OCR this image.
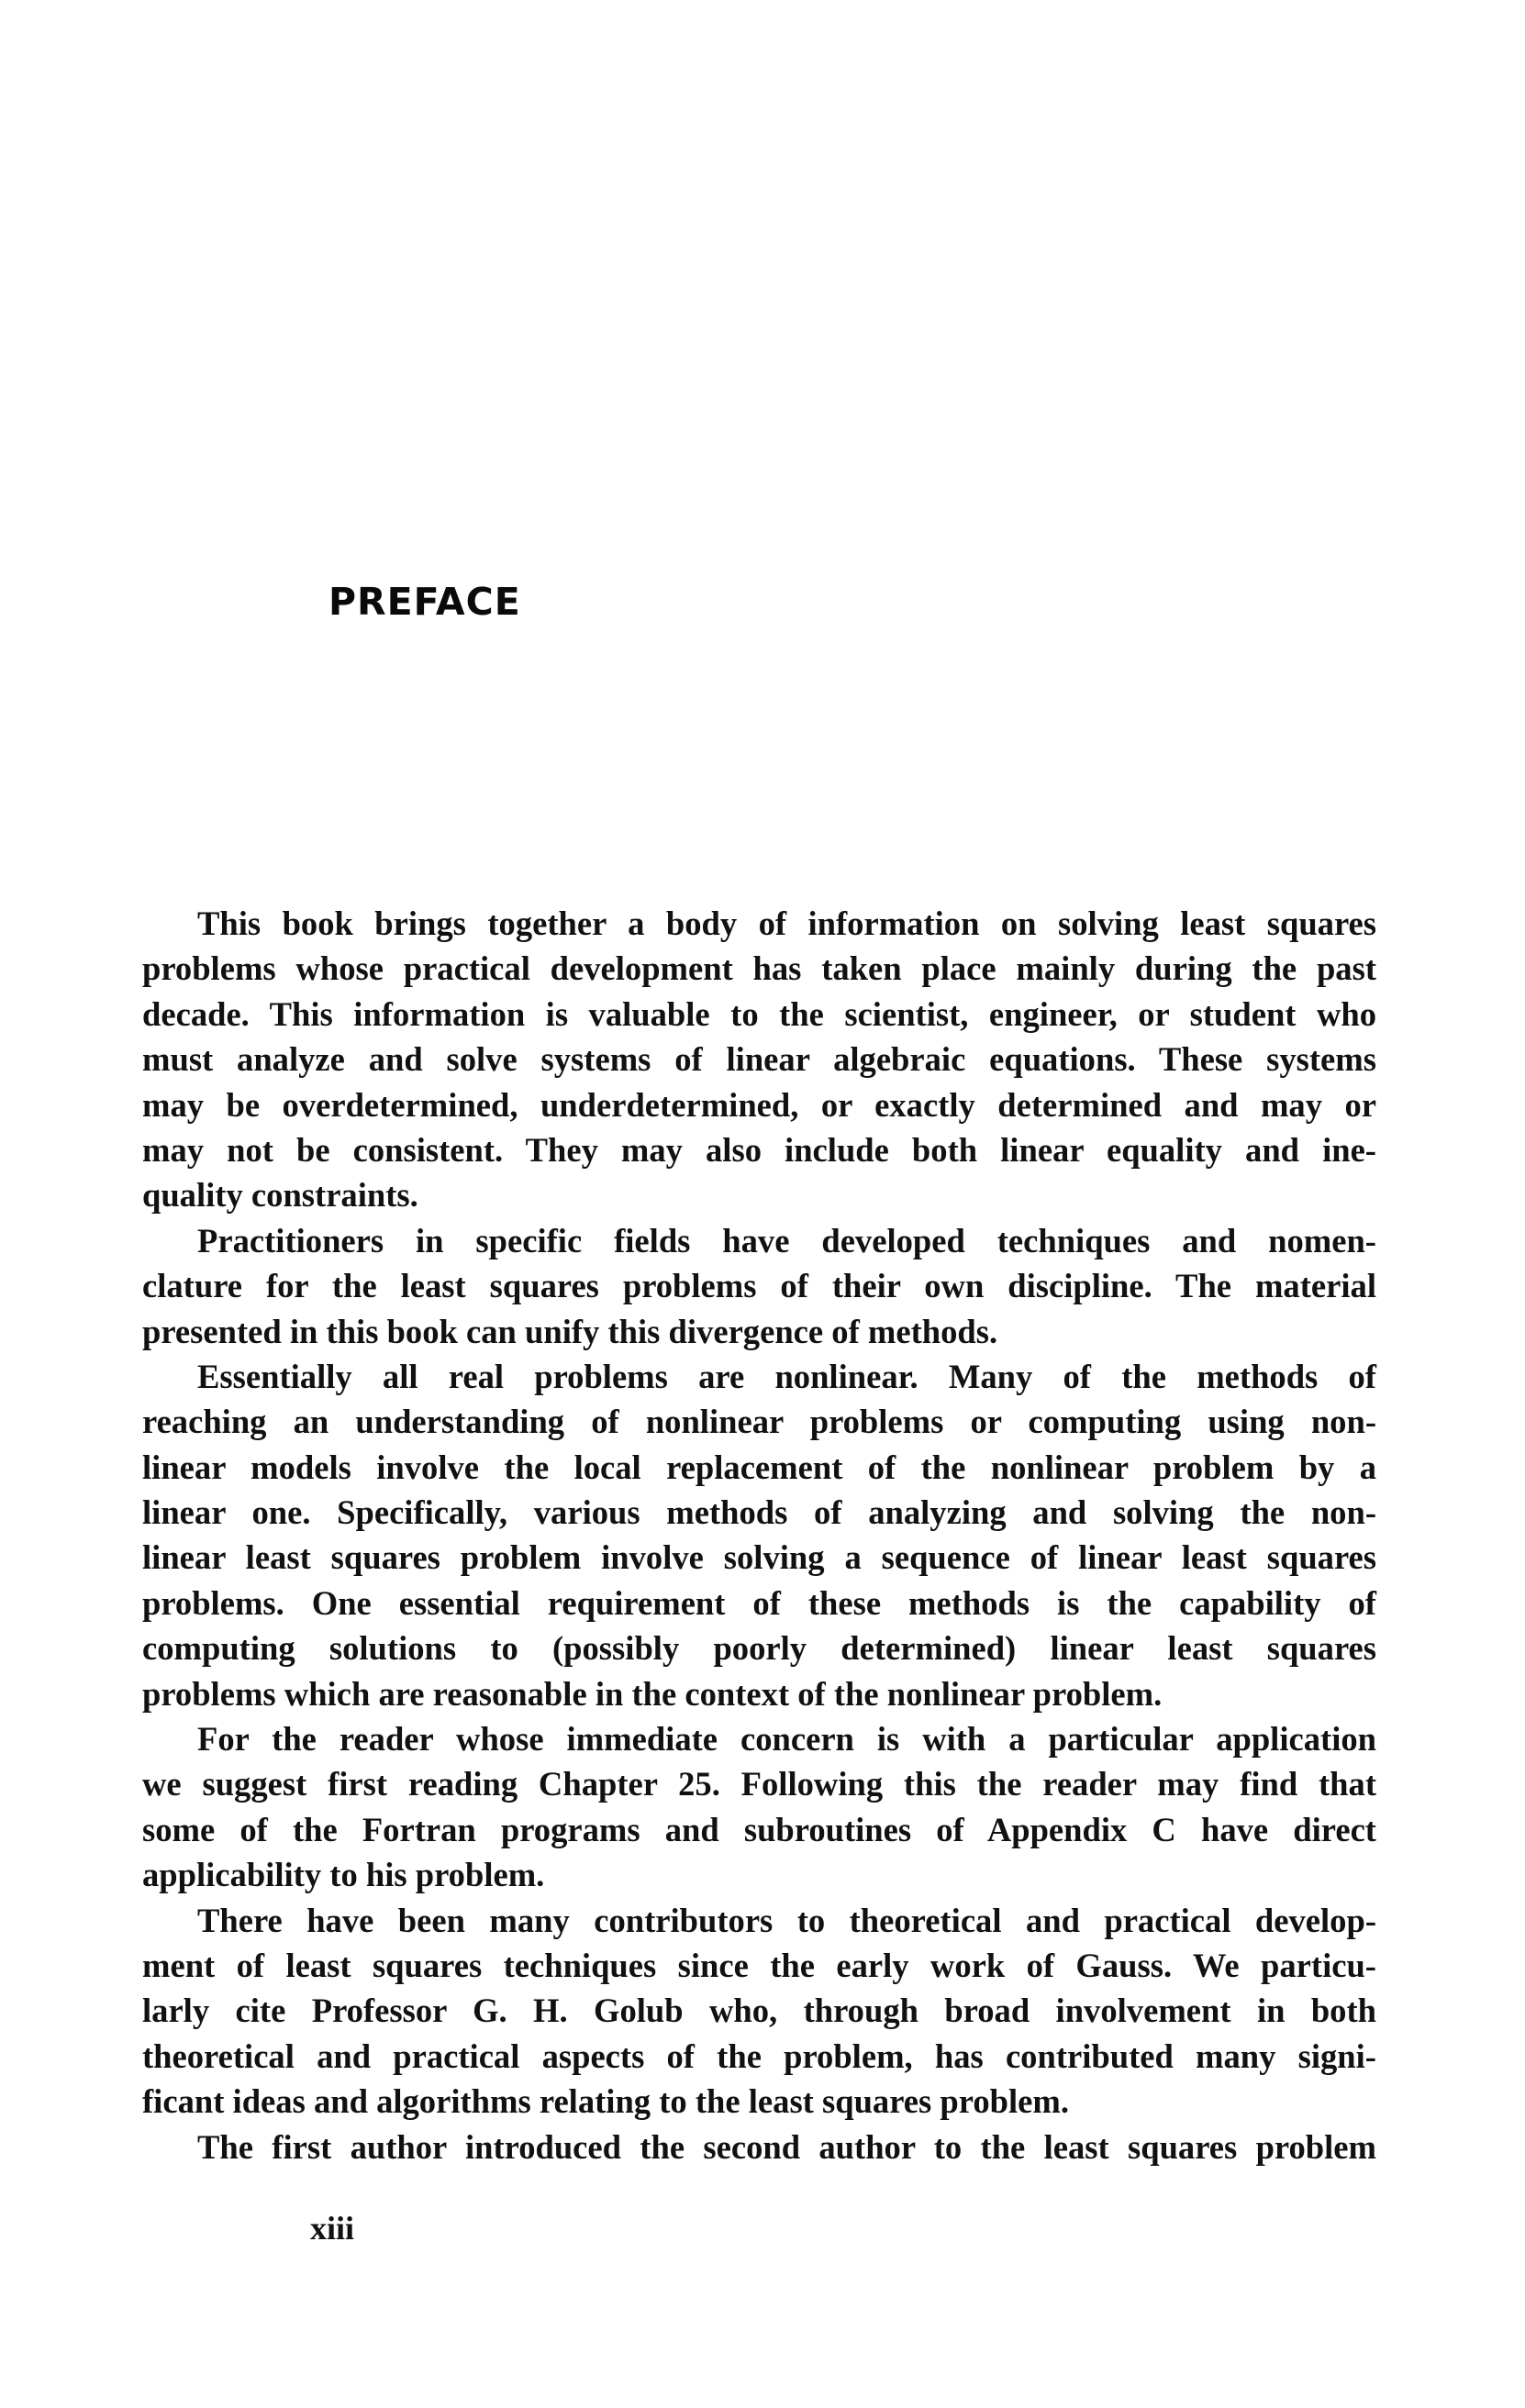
PREFACE
This book brings together a body of information on solving least squares
problems whose practical development has taken place mainly during the past
decade. This information is valuable to the scientist, engineer, or student who
must analyze and solve systems of linear algebraic equations. These systems
may be overdetermined, underdetermined, or exactly determined and may or
may not be consistent. They may also include both linear equality and ine-
quality constraints.
Practitioners in specific fields have developed techniques and nomen-
clature for the least squares problems of their own discipline. The material
presented in this book can unify this divergence of methods.
Essentially all real problems are nonlinear. Many of the methods of
reaching an understanding of nonlinear problems or computing using non-
linear models involve the local replacement of the nonlinear problem by a
linear one. Specifically, various methods of analyzing and solving the non-
linear least squares problem involve solving a sequence of linear least squares
problems. One essential requirement of these methods is the capability of
computing solutions to (possibly poorly determined) linear least squares
problems which are reasonable in the context of the nonlinear problem.
For the reader whose immediate concern is with a particular application
we suggest first reading Chapter 25. Following this the reader may find that
some of the Fortran programs and subroutines of Appendix C have direct
applicability to his problem.
There have been many contributors to theoretical and practical develop-
ment of least squares techniques since the early work of Gauss. We particu-
larly cite Professor G. H. Golub who, through broad involvement in both
theoretical and practical aspects of the problem, has contributed many signi-
ficant ideas and algorithms relating to the least squares problem.
The first author introduced the second author to the least squares problem

xiii
